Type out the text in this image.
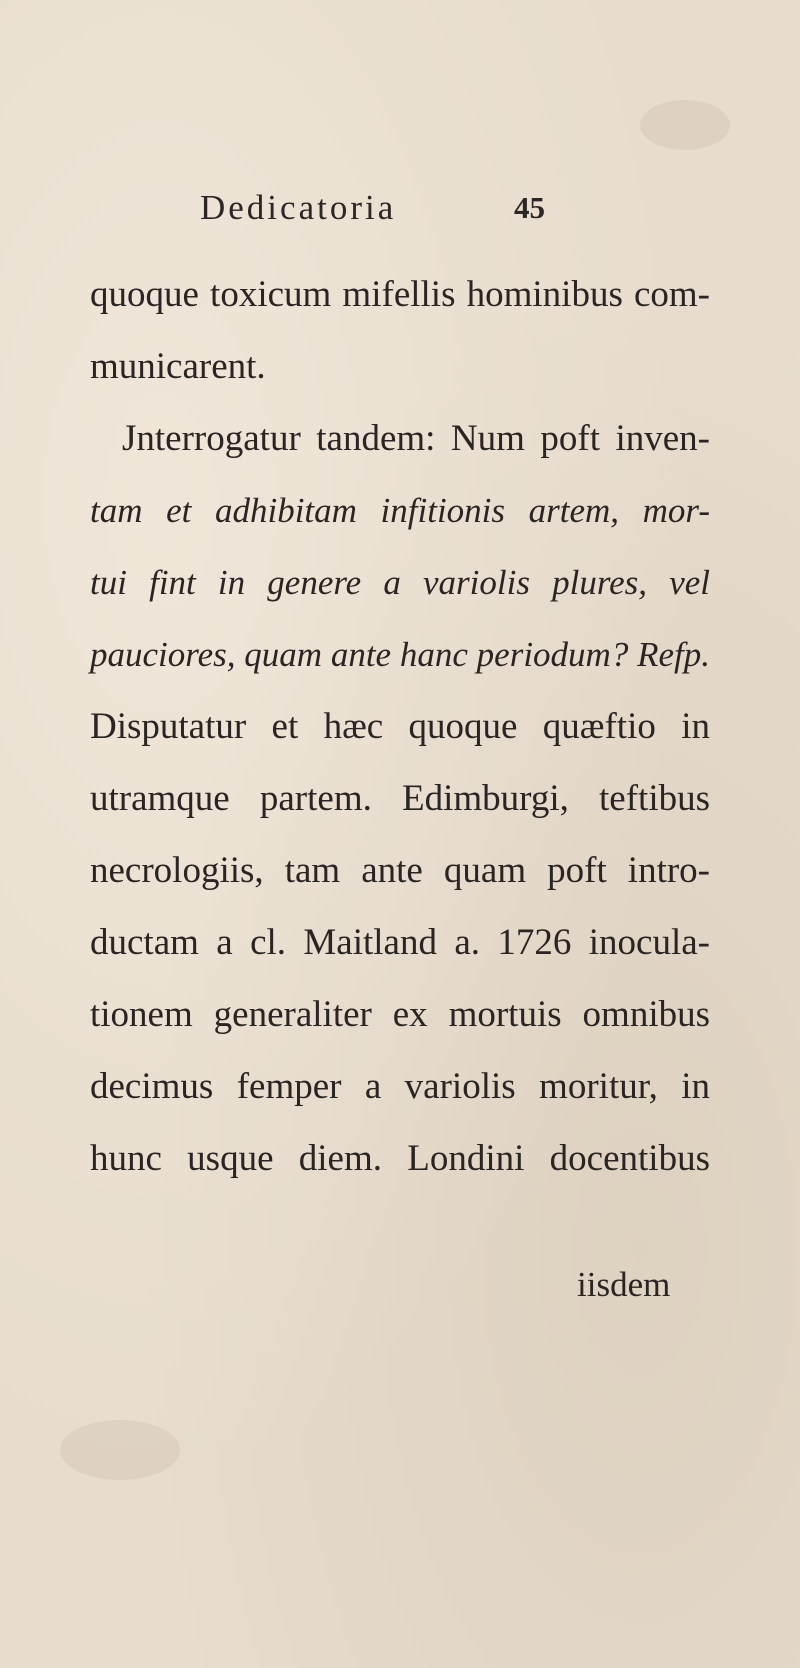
Dedicatoria	45
quoque toxicum mifellis hominibus com-
municarent.
Jnterrogatur tandem: Num poft inven-
tam et adhibitam infitionis artem, mor-
tui fint in genere a variolis plures, vel
pauciores, quam ante hanc periodum? Refp.
Disputatur et hæc quoque quæftio in
utramque partem. Edimburgi, teftibus
necrologiis, tam ante quam poft intro-
ductam a cl. Maitland a. 1726 inocula-
tionem generaliter ex mortuis omnibus
decimus femper a variolis moritur, in
hunc usque diem. Londini docentibus
iisdem
